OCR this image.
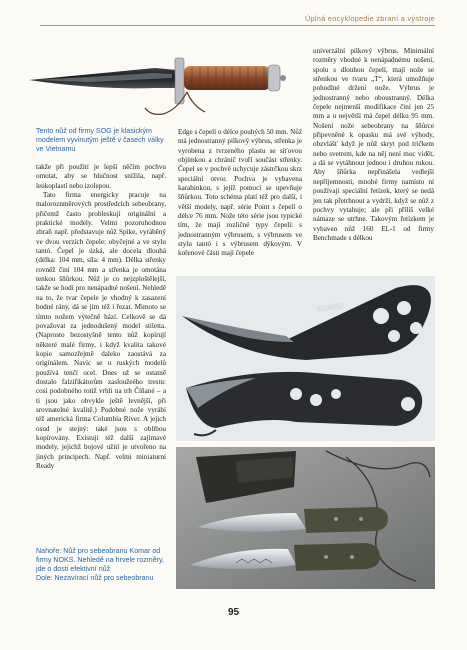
Úplná encyklopedie zbraní a výstroje
Tento nůž od firmy SOG je klasickým modelem vyvinutým ještě v časech války ve Vietnamu

takže při použití je lepší něčím pochvu omotat, aby se hlučnost snížila, např. leukoplastí nebo izolepou.

Tato firma energicky pracuje na maloroznměrových prostředcích sebeobrany, přičemž často probleskují originální a praktické modely. Velmi pozoruhodnou zbraň např. představuje nůž Spike, vyráběný ve dvou verzích čepele: obyčejné a ve stylu tantó. Čepel je úzká, ale docela dlouhá (délka: 104 mm, síla: 4 mm). Délka střenky rovněž činí 104 mm a střenka je omotána tenkou šňůrkou. Nůž je co nejzploštělejší, takže se hodí pro nenápadné nošení. Nehledě na to, že tvar čepele je vhodný k zasazení bodné rány, dá se jím též i řezat. Mimoto se tímto nožem výtečně hází. Celkově se dá považovat za jednodušený model stiletta. (Naprosto bezostyšně tento nůž kopírují některé malé firmy, i když kvalita takové kopie samozřejmě daleko zaostává za originálem. Navíc se u ruských modelů používá tenčí ocel. Dnes už se ostatně dostalo falzifikátorům zasloužeého trestu: cosi podobného totiž vrhli na trh Číňané – a ti jsou jako obvykle ještě levnější, při srovnatelné kvalitě.) Podobné nože vyrábí též americká firma Columbia River. A jejich osud je stejný: také jsou s oblibou kopírovány. Existují též další zajímavé modely, jejichž bojové užití je utvořeno na jiných principech. Např. velmi miniaturní Ready

Nahoře: Nůž pro sebeobranu Komar od firmy NOKS. Nehledě na hrvele rozměry, jde o dosti efektivní nůž
Dole: Nezavírací nůž pro sebeobranu

Edge s čepelí o délce pouhých 50 mm. Nůž má jednostranný pilkový výbrus, střenka je vyrobena z tvrzeného plastu se síťovou objímkou a chránič tvoří součást střenky. Čepel se v pochvě uchycuje zástrčkou skrz speciální otvor. Pochva je vybavena karabinkou, s jejíž pomocí se upevňuje šňůrkou. Toto schéma platí též pro další, i větší modely, např. série Point s čepelí o délce 76 mm. Nože této série jsou typické tím, že mají rozličné typy čepelí: s jednostranným výbrusem, s výbrusem ve stylu tantó i s výbrusem dýkovým. V kořenové části mají čepele

univerzální pilkový výbrus. Minimální rozměry vhodné k nenápadnému nošení, spolu s dlouhou čepelí, mají nože se střenkou ve tvaru „T“, která umožňuje pohodlné držení nože. Výbrus je jednostranný nebo oboustranný. Délka čepele nejmenší modifikace činí jen 25 mm a u největší má čepel délku 95 mm. Nošení nože sebeobrany na šňůrce připevněné k opasku má své výhody, obzvlášť když je nůž skryt pod tričkem nebo svetrem, kde na něj není moc vidět, a dá se vytáhnout jednou i druhou rukou. Aby šňůrka nepřinášela vedlejší nepříjemnosti, mnohé firmy namísto ní používají speciální řetízek, který se nedá jen tak přetrhnout a vydrží, když se nůž z pochvy vytahuje; ale při příliš velké námaze se utrhne. Takovým řetízkem je vybaven nůž 160 EL-1 od firmy Benchmade s délkou

Комар
95
